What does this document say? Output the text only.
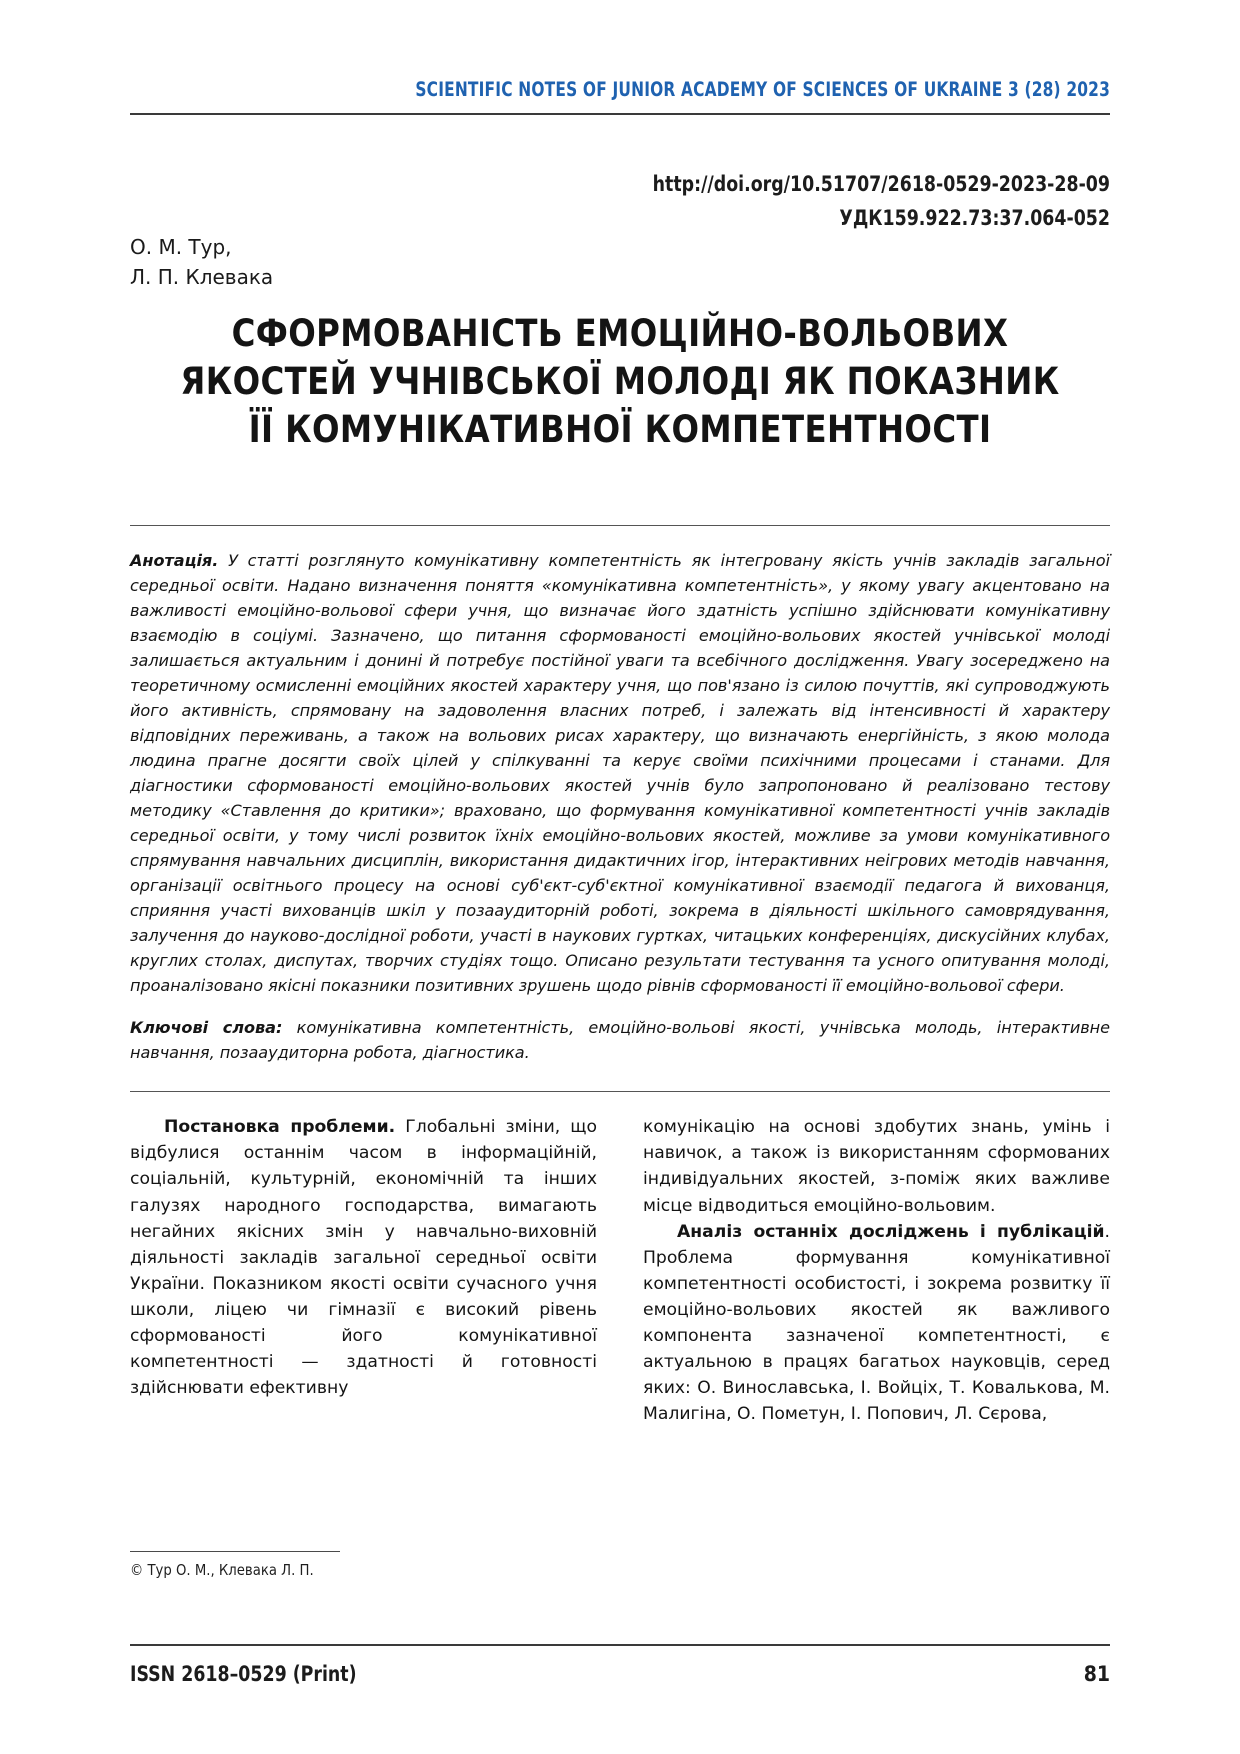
SCIENTIFIC NOTES OF JUNIOR ACADEMY OF SCIENCES OF UKRAINE 3 (28) 2023
http://doi.org/10.51707/2618-0529-2023-28-09
УДК159.922.73:37.064-052
О. М. Тур,
Л. П. Клевака
СФОРМОВАНІСТЬ ЕМОЦІЙНО-ВОЛЬОВИХ
ЯКОСТЕЙ УЧНІВСЬКОЇ МОЛОДІ ЯК ПОКАЗНИК
ЇЇ КОМУНІКАТИВНОЇ КОМПЕТЕНТНОСТІ
Анотація. У статті розглянуто комунікативну компетентність як інтегровану якість учнів закладів загальної середньої освіти. Надано визначення поняття «комунікативна компетентність», у якому увагу акцентовано на важливості емоційно-вольової сфери учня, що визначає його здатність успішно здійснювати комунікативну взаємодію в соціумі. Зазначено, що питання сформованості емоційно-вольових якостей учнівської молоді залишається актуальним і донині й потребує постійної уваги та всебічного дослідження. Увагу зосереджено на теоретичному осмисленні емоційних якостей характеру учня, що пов'язано із силою почуттів, які супроводжують його активність, спрямовану на задоволення власних потреб, і залежать від інтенсивності й характеру відповідних переживань, а також на вольових рисах характеру, що визначають енергійність, з якою молода людина прагне досягти своїх цілей у спілкуванні та керує своїми психічними процесами і станами. Для діагностики сформованості емоційно-вольових якостей учнів було запропоновано й реалізовано тестову методику «Ставлення до критики»; враховано, що формування комунікативної компетентності учнів закладів середньої освіти, у тому числі розвиток їхніх емоційно-вольових якостей, можливе за умови комунікативного спрямування навчальних дисциплін, використання дидактичних ігор, інтерактивних неігрових методів навчання, організації освітнього процесу на основі суб'єкт-суб'єктної комунікативної взаємодії педагога й вихованця, сприяння участі вихованців шкіл у позааудиторній роботі, зокрема в діяльності шкільного самоврядування, залучення до науково-дослідної роботи, участі в наукових гуртках, читацьких конференціях, дискусійних клубах, круглих столах, диспутах, творчих студіях тощо. Описано результати тестування та усного опитування молоді, проаналізовано якісні показники позитивних зрушень щодо рівнів сформованості її емоційно-вольової сфери.
Ключові слова: комунікативна компетентність, емоційно-вольові якості, учнівська молодь, інтерактивне навчання, позааудиторна робота, діагностика.

Постановка проблеми. Глобальні зміни, що відбулися останнім часом в інформаційній, соціальній, культурній, економічній та інших галузях народного господарства, вимагають негайних якісних змін у навчально-виховній діяльності закладів загальної середньої освіти України. Показником якості освіти сучасного учня школи, ліцею чи гімназії є високий рівень сформованості його комунікативної компетентності — здатності й готовності здійснювати ефективну

комунікацію на основі здобутих знань, умінь і навичок, а також із використанням сформованих індивідуальних якостей, з-поміж яких важливе місце відводиться емоційно-вольовим.

Аналіз останніх досліджень і публікацій. Проблема формування комунікативної компетентності особистості, і зокрема розвитку її емоційно-вольових якостей як важливого компонента зазначеної компетентності, є актуальною в працях багатьох науковців, серед яких: О. Винославська, І. Войціх, Т. Ковалькова, М. Малигіна, О. Пометун, І. Попович, Л. Сєрова,

© Тур О. М., Клевака Л. П.
ISSN 2618–0529 (Print)	81
